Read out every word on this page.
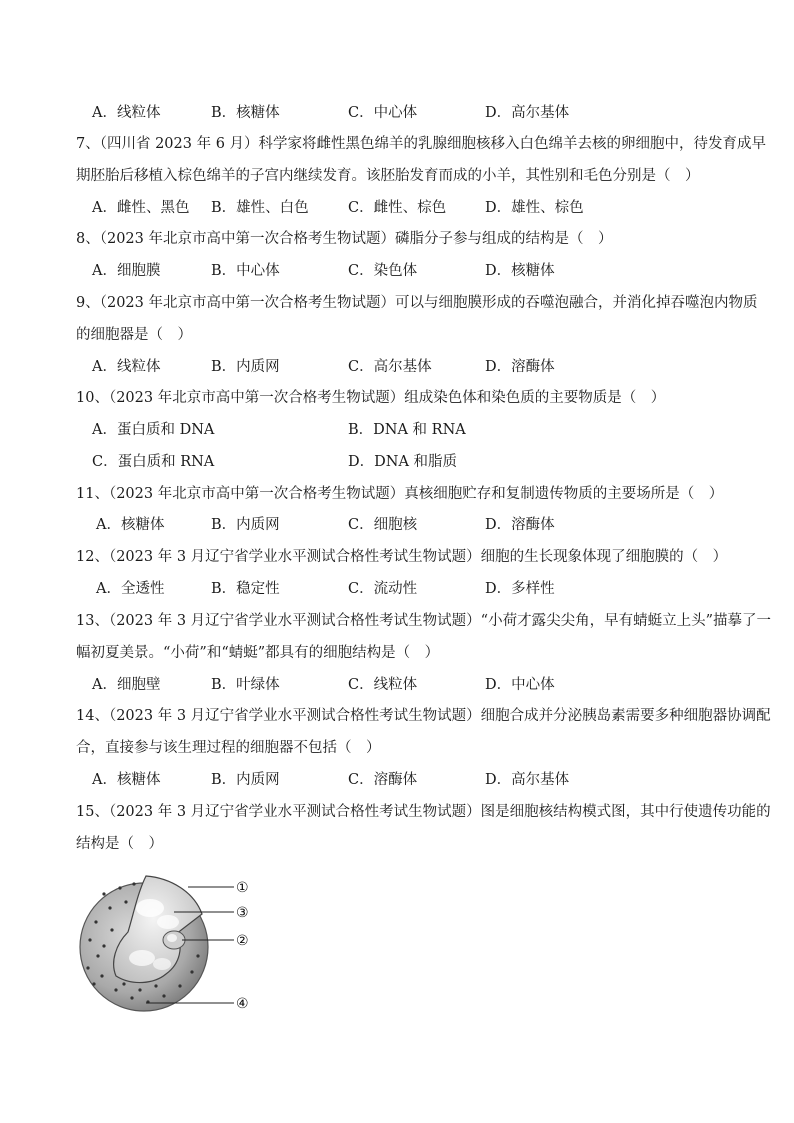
A．线粒体	B．核糖体	C．中心体	D．高尔基体
7、（四川省 2023 年 6 月）科学家将雌性黑色绵羊的乳腺细胞核移入白色绵羊去核的卵细胞中，待发育成早
期胚胎后移植入棕色绵羊的子宫内继续发育。该胚胎发育而成的小羊，其性别和毛色分别是（　）
A．雌性、黑色 B．雄性、白色	C．雌性、棕色	D．雄性、棕色
8、（2023 年北京市高中第一次合格考生物试题）磷脂分子参与组成的结构是（　）
A．细胞膜	B．中心体	C．染色体	D．核糖体
9、（2023 年北京市高中第一次合格考生物试题）可以与细胞膜形成的吞噬泡融合，并消化掉吞噬泡内物质
的细胞器是（　）
A．线粒体	B．内质网	C．高尔基体	D．溶酶体
10、（2023 年北京市高中第一次合格考生物试题）组成染色体和染色质的主要物质是（　）
A．蛋白质和 DNA	B．DNA 和 RNA
C．蛋白质和 RNA	D．DNA 和脂质
11、（2023 年北京市高中第一次合格考生物试题）真核细胞贮存和复制遗传物质的主要场所是（　）
A．核糖体	B．内质网	C．细胞核	D．溶酶体
12、（2023 年 3 月辽宁省学业水平测试合格性考试生物试题）细胞的生长现象体现了细胞膜的（　）
A．全透性	B．稳定性	C．流动性	D．多样性
13、（2023 年 3 月辽宁省学业水平测试合格性考试生物试题）“小荷才露尖尖角，早有蜻蜓立上头”描摹了一
幅初夏美景。“小荷”和“蜻蜓”都具有的细胞结构是（　）
A．细胞壁	B．叶绿体	C．线粒体	D．中心体
14、（2023 年 3 月辽宁省学业水平测试合格性考试生物试题）细胞合成并分泌胰岛素需要多种细胞器协调配
合，直接参与该生理过程的细胞器不包括（　）
A．核糖体	B．内质网	C．溶酶体	D．高尔基体
15、（2023 年 3 月辽宁省学业水平测试合格性考试生物试题）图是细胞核结构模式图，其中行使遗传功能的
结构是（　）
①
③
②
④
